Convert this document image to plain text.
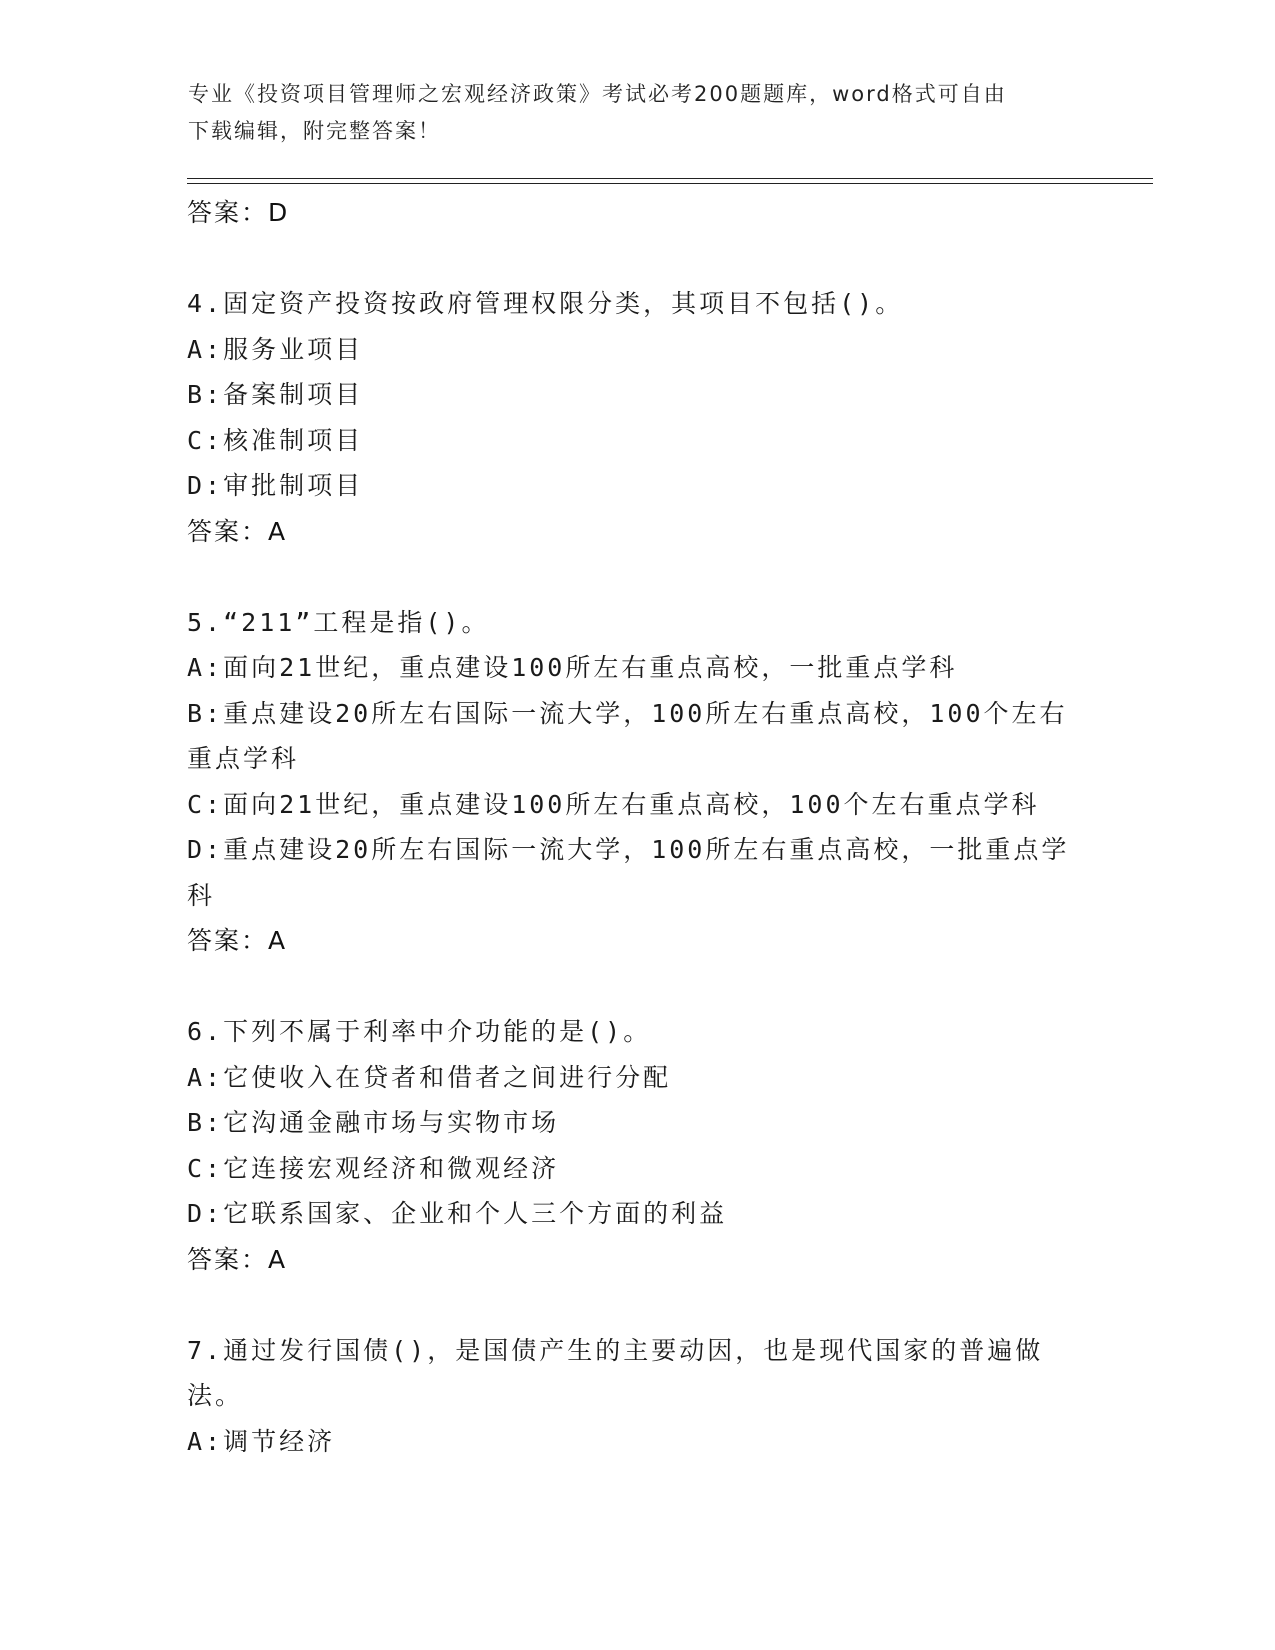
专业《投资项目管理师之宏观经济政策》考试必考200题题库，word格式可自由
下载编辑，附完整答案！
答案：D
4.固定资产投资按政府管理权限分类，其项目不包括()。
A:服务业项目
B:备案制项目
C:核准制项目
D:审批制项目
答案：A
5.“211”工程是指()。
A:面向21世纪，重点建设100所左右重点高校，一批重点学科
B:重点建设20所左右国际一流大学，100所左右重点高校，100个左右重点学科
C:面向21世纪，重点建设100所左右重点高校，100个左右重点学科
D:重点建设20所左右国际一流大学，100所左右重点高校，一批重点学科
答案：A
6.下列不属于利率中介功能的是()。
A:它使收入在贷者和借者之间进行分配
B:它沟通金融市场与实物市场
C:它连接宏观经济和微观经济
D:它联系国家、企业和个人三个方面的利益
答案：A
7.通过发行国债()，是国债产生的主要动因，也是现代国家的普遍做法。
A:调节经济
